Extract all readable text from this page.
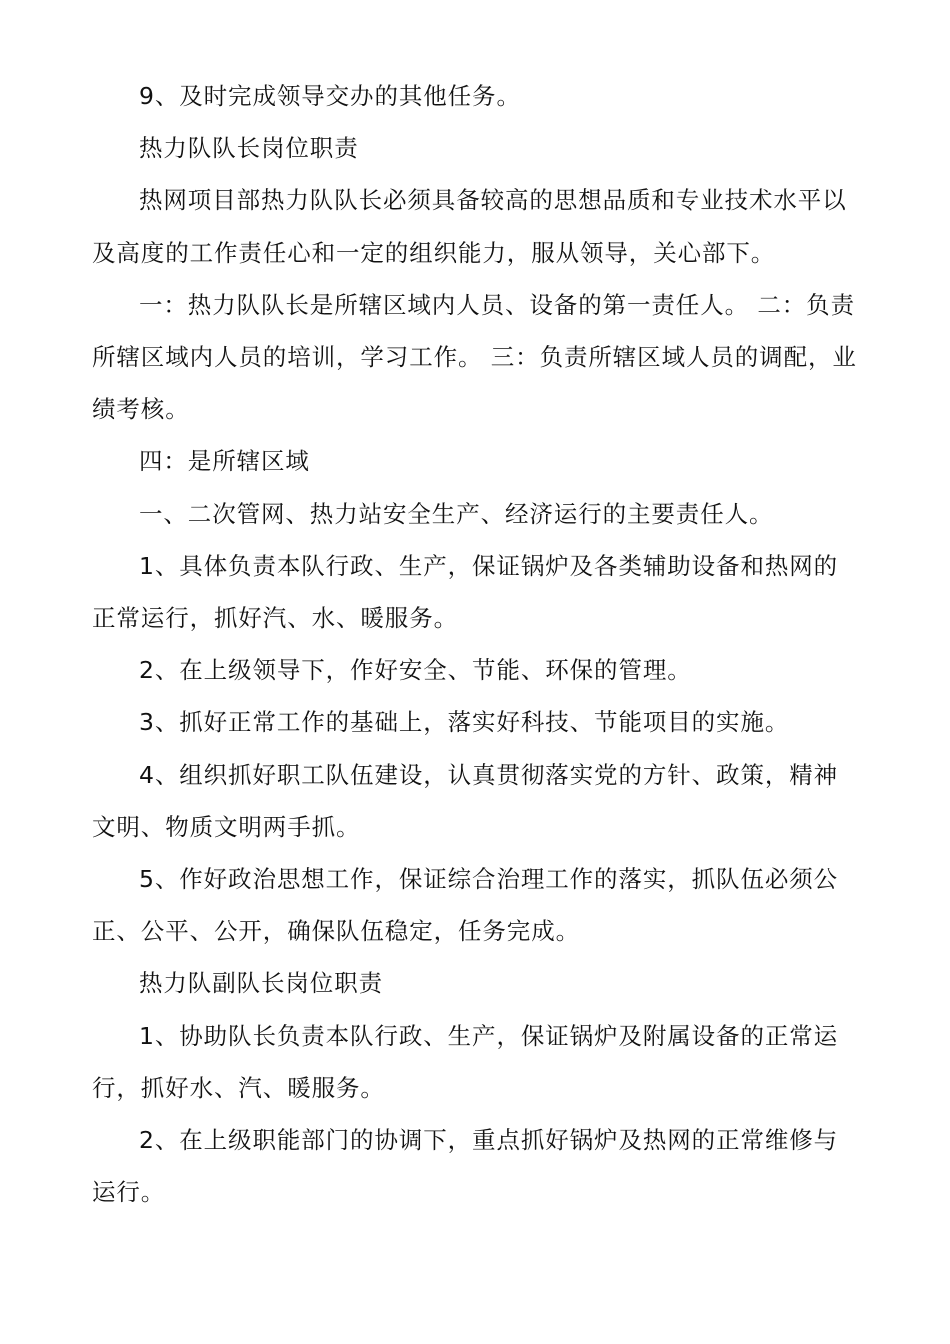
9、及时完成领导交办的其他任务。

热力队队长岗位职责

热网项目部热力队队长必须具备较高的思想品质和专业技术水平以及高度的工作责任心和一定的组织能力，服从领导，关心部下。

一：热力队队长是所辖区域内人员、设备的第一责任人。 二：负责所辖区域内人员的培训，学习工作。 三：负责所辖区域人员的调配，业绩考核。

四：是所辖区域

一、二次管网、热力站安全生产、经济运行的主要责任人。

1、具体负责本队行政、生产，保证锅炉及各类辅助设备和热网的正常运行，抓好汽、水、暖服务。

2、在上级领导下，作好安全、节能、环保的管理。

3、抓好正常工作的基础上，落实好科技、节能项目的实施。

4、组织抓好职工队伍建设，认真贯彻落实党的方针、政策，精神文明、物质文明两手抓。

5、作好政治思想工作，保证综合治理工作的落实，抓队伍必须公正、公平、公开，确保队伍稳定，任务完成。

热力队副队长岗位职责

1、协助队长负责本队行政、生产，保证锅炉及附属设备的正常运行，抓好水、汽、暖服务。

2、在上级职能部门的协调下，重点抓好锅炉及热网的正常维修与运行。
